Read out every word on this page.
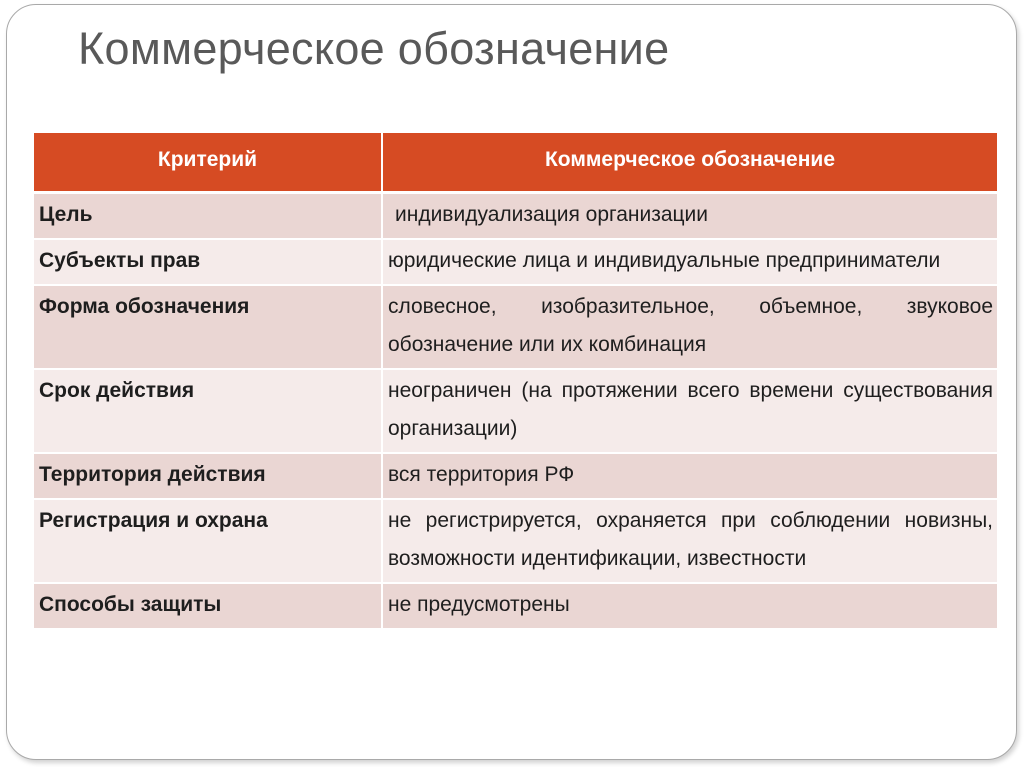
Коммерческое обозначение
Критерий	Коммерческое обозначение
Цель	индивидуализация организации
Субъекты прав	юридические лица и индивидуальные предприниматели
Форма обозначения	словесное, изобразительное, объемное, звуковое обозначение или их комбинация
Срок действия	неограничен (на протяжении всего времени существования организации)
Территория действия	вся территория РФ
Регистрация и охрана	не регистрируется, охраняется при соблюдении новизны, возможности идентификации, известности
Способы защиты	не предусмотрены
